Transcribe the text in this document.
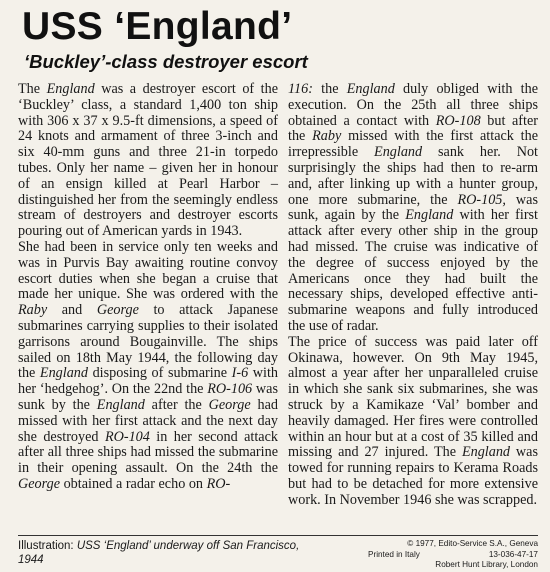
USS ‘England’
‘Buckley’-class destroyer escort

The England was a destroyer escort of the ‘Buckley’ class, a standard 1,400 ton ship with 306 x 37 x 9.5-ft dimensions, a speed of 24 knots and armament of three 3-inch and six 40-mm guns and three 21-in torpedo tubes. Only her name – given her in honour of an ensign killed at Pearl Harbor – distinguished her from the seemingly endless stream of destroyers and destroyer escorts pouring out of American yards in 1943.

She had been in service only ten weeks and was in Purvis Bay awaiting routine convoy escort duties when she began a cruise that made her unique. She was ordered with the Raby and George to attack Japanese submarines carrying supplies to their isolated garrisons around Bougainville. The ships sailed on 18th May 1944, the following day the England disposing of submarine I-6 with her ‘hedgehog’. On the 22nd the RO-106 was sunk by the England after the George had missed with her first attack and the next day she destroyed RO-104 in her second attack after all three ships had missed the submarine in their opening assault. On the 24th the George obtained a radar echo on RO-

116: the England duly obliged with the execution. On the 25th all three ships obtained a contact with RO-108 but after the Raby missed with the first attack the irrepressible England sank her. Not surprisingly the ships had then to re-arm and, after linking up with a hunter group, one more submarine, the RO-105, was sunk, again by the England with her first attack after every other ship in the group had missed. The cruise was indicative of the degree of success enjoyed by the Americans once they had built the necessary ships, developed effective anti-submarine weapons and fully introduced the use of radar.

The price of success was paid later off Okinawa, however. On 9th May 1945, almost a year after her unparalleled cruise in which she sank six submarines, she was struck by a Kamikaze ‘Val’ bomber and heavily damaged. Her fires were controlled within an hour but at a cost of 35 killed and missing and 27 injured. The England was towed for running repairs to Kerama Roads but had to be detached for more extensive work. In November 1946 she was scrapped.

Illustration: USS ‘England’ underway off San Francisco, 1944
© 1977, Edito-Service S.A., Geneva
Printed in Italy	13-036-47-17
Robert Hunt Library, London
